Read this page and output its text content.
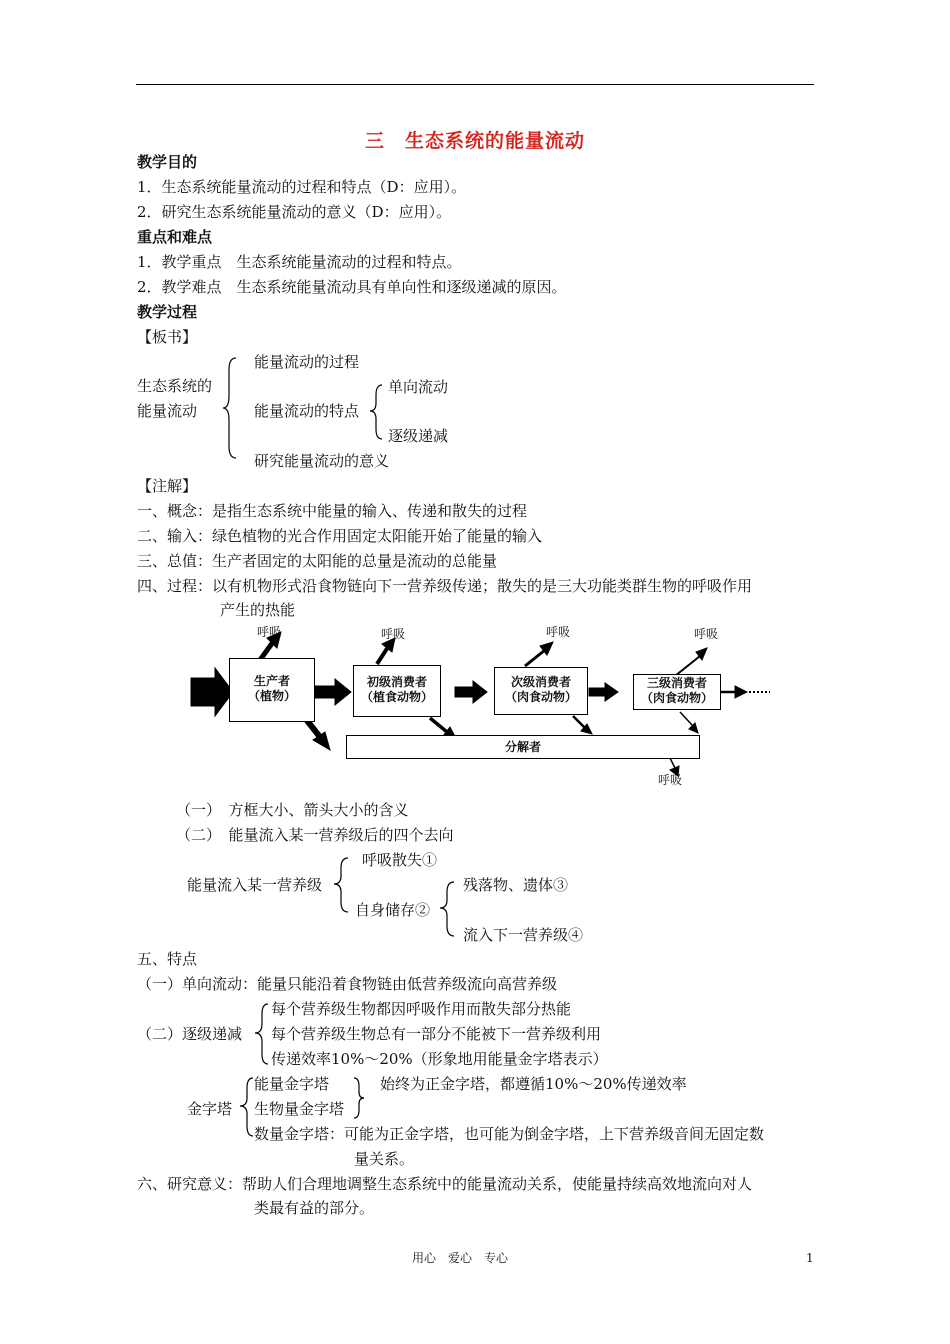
三　生态系统的能量流动
教学目的
1．生态系统能量流动的过程和特点（D：应用）。
2．研究生态系统能量流动的意义（D：应用）。
重点和难点
1．教学重点　生态系统能量流动的过程和特点。
2．教学难点　生态系统能量流动具有单向性和逐级递减的原因。
教学过程
【板书】
生态系统的
能量流动
能量流动的过程
能量流动的特点
研究能量流动的意义
单向流动
逐级递减
【注解】
一、概念：是指生态系统中能量的输入、传递和散失的过程
二、输入：绿色植物的光合作用固定太阳能开始了能量的输入
三、总值：生产者固定的太阳能的总量是流动的总能量
四、过程：以有机物形式沿食物链向下一营养级传递；散失的是三大功能类群生物的呼吸作用
产生的热能
呼吸	呼吸	呼吸	呼吸
呼吸
生产者
（植物）
初级消费者
（植食动物）
次级消费者
（肉食动物）
三级消费者
（肉食动物）
分解者
（一）　方框大小、箭头大小的含义
（二）　能量流入某一营养级后的四个去向
能量流入某一营养级
呼吸散失①
自身储存②
残落物、遗体③
流入下一营养级④
五、特点
（一）单向流动：能量只能沿着食物链由低营养级流向高营养级
（二）逐级递减
每个营养级生物都因呼吸作用而散失部分热能
每个营养级生物总有一部分不能被下一营养级利用
传递效率10%～20%（形象地用能量金字塔表示）
金字塔
能量金字塔
生物量金字塔
始终为正金字塔，都遵循10%～20%传递效率
数量金字塔：可能为正金字塔，也可能为倒金字塔，上下营养级音间无固定数
量关系。
六、研究意义：帮助人们合理地调整生态系统中的能量流动关系，使能量持续高效地流向对人
类最有益的部分。
用心　爱心　专心	1
